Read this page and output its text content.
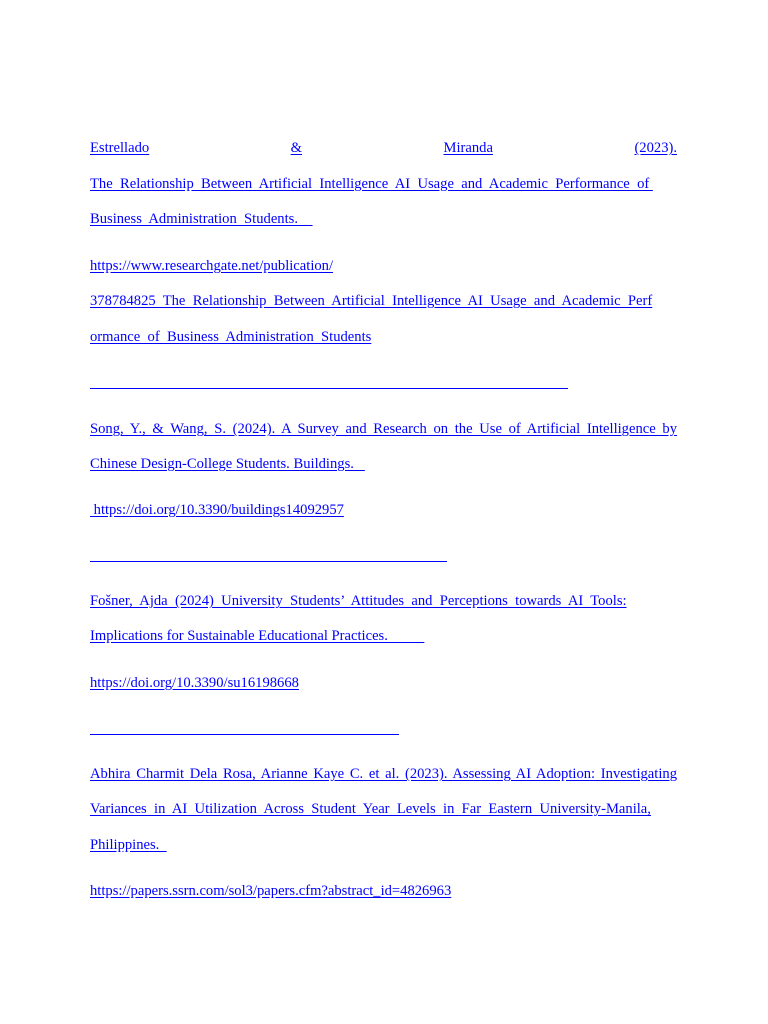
Estrellado	&	Miranda	(2023).
The  Relationship  Between  Artificial  Intelligence  AI  Usage  and  Academic  Performance  of
Business  Administration  Students.
https://www.researchgate.net/publication/
378784825  The  Relationship  Between  Artificial  Intelligence  AI  Usage  and  Academic  Perf
ormance  of  Business  Administration  Students
Song, Y., & Wang, S. (2024). A Survey and Research on the Use of Artificial Intelligence by
Chinese Design-College Students. Buildings.
https://doi.org/10.3390/buildings14092957
Fošner,  Ajda  (2024)  University  Students’  Attitudes  and  Perceptions  towards  AI  Tools:
Implications for Sustainable Educational Practices.
https://doi.org/10.3390/su16198668
Abhira Charmit Dela Rosa, Arianne Kaye C. et al. (2023). Assessing AI Adoption: Investigating
Variances  in  AI  Utilization  Across  Student  Year  Levels  in  Far  Eastern  University-Manila,
Philippines.
https://papers.ssrn.com/sol3/papers.cfm?abstract_id=4826963
